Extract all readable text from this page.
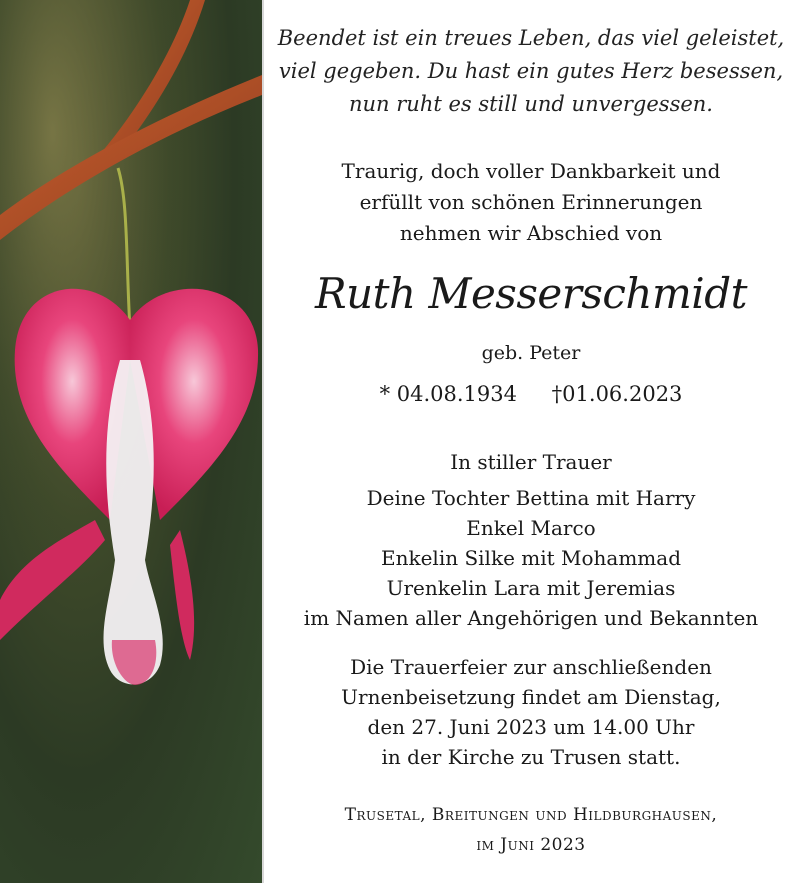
Beendet ist ein treues Leben, das viel geleistet,
viel gegeben. Du hast ein gutes Herz besessen,
nun ruht es still und unvergessen.
Traurig, doch voller Dankbarkeit und
erfüllt von schönen Erinnerungen
nehmen wir Abschied von
Ruth Messerschmidt
geb. Peter
* 04.08.1934 †01.06.2023
In stiller Trauer
Deine Tochter Bettina mit Harry
Enkel Marco
Enkelin Silke mit Mohammad
Urenkelin Lara mit Jeremias
im Namen aller Angehörigen und Bekannten
Die Trauerfeier zur anschließenden
Urnenbeisetzung findet am Dienstag,
den 27. Juni 2023 um 14.00 Uhr
in der Kirche zu Trusen statt.
Trusetal, Breitungen und Hildburghausen,
im Juni 2023
